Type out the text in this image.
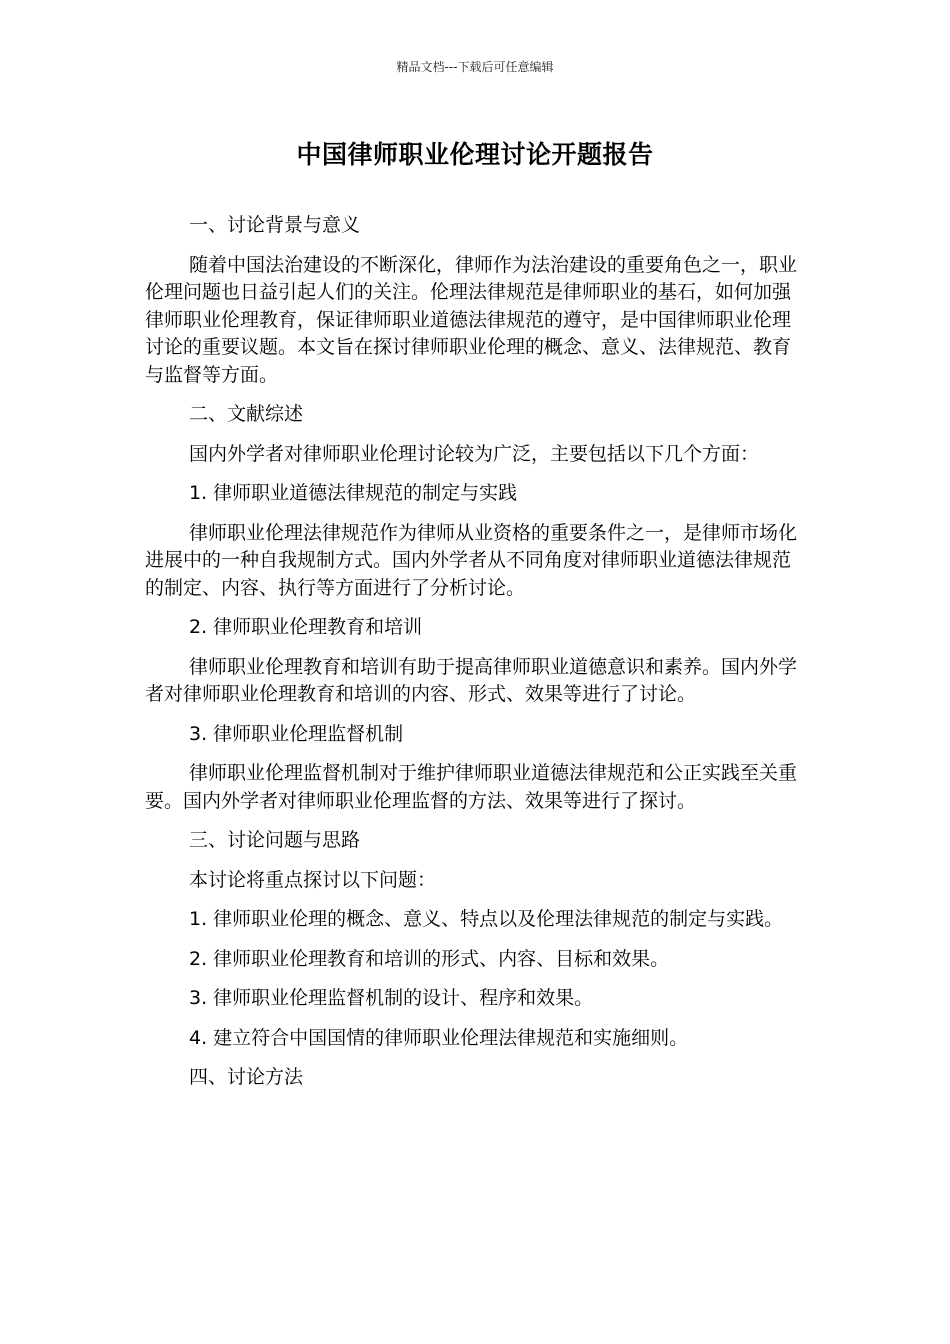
精品文档---下载后可任意编辑
中国律师职业伦理讨论开题报告

一、讨论背景与意义

随着中国法治建设的不断深化，律师作为法治建设的重要角色之一，职业伦理问题也日益引起人们的关注。伦理法律规范是律师职业的基石，如何加强律师职业伦理教育，保证律师职业道德法律规范的遵守，是中国律师职业伦理讨论的重要议题。本文旨在探讨律师职业伦理的概念、意义、法律规范、教育与监督等方面。

二、文献综述

国内外学者对律师职业伦理讨论较为广泛，主要包括以下几个方面：

1. 律师职业道德法律规范的制定与实践

律师职业伦理法律规范作为律师从业资格的重要条件之一，是律师市场化进展中的一种自我规制方式。国内外学者从不同角度对律师职业道德法律规范的制定、内容、执行等方面进行了分析讨论。

2. 律师职业伦理教育和培训

律师职业伦理教育和培训有助于提高律师职业道德意识和素养。国内外学者对律师职业伦理教育和培训的内容、形式、效果等进行了讨论。

3. 律师职业伦理监督机制

律师职业伦理监督机制对于维护律师职业道德法律规范和公正实践至关重要。国内外学者对律师职业伦理监督的方法、效果等进行了探讨。

三、讨论问题与思路

本讨论将重点探讨以下问题：

1. 律师职业伦理的概念、意义、特点以及伦理法律规范的制定与实践。

2. 律师职业伦理教育和培训的形式、内容、目标和效果。

3. 律师职业伦理监督机制的设计、程序和效果。

4. 建立符合中国国情的律师职业伦理法律规范和实施细则。

四、讨论方法
